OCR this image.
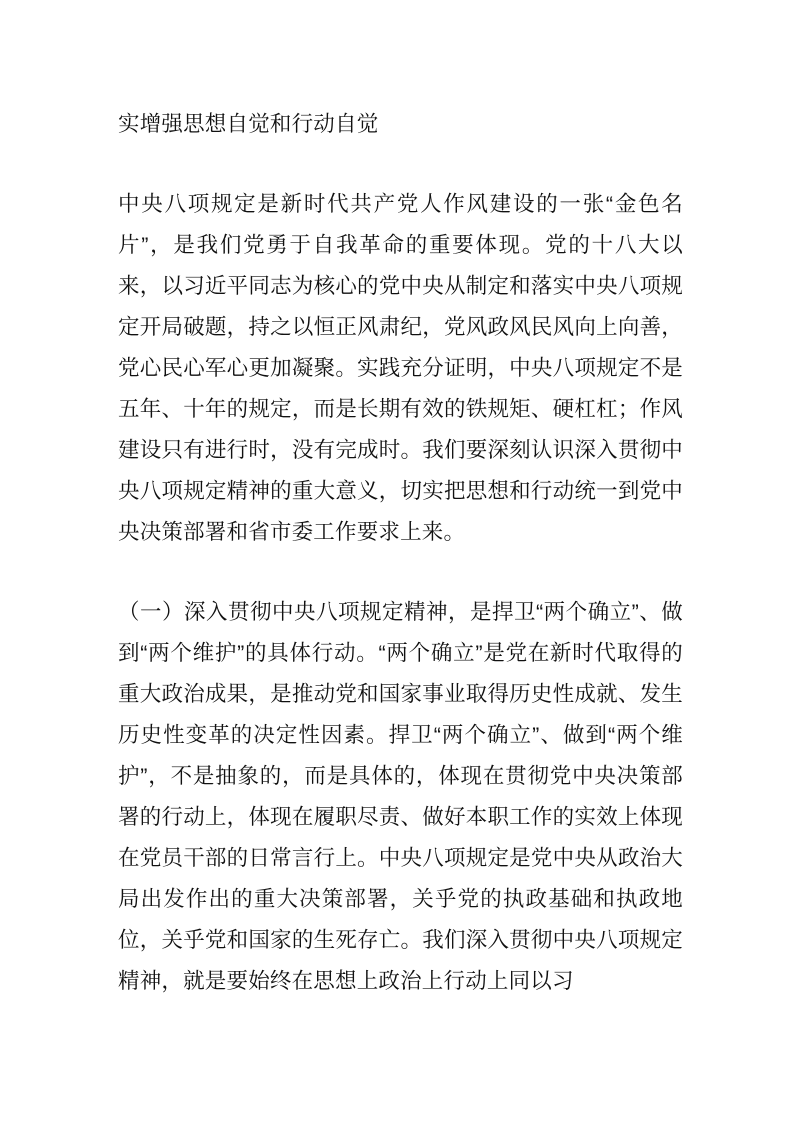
实增强思想自觉和行动自觉

中央八项规定是新时代共产党人作风建设的一张“金色名片”，是我们党勇于自我革命的重要体现。党的十八大以来，以习近平同志为核心的党中央从制定和落实中央八项规定开局破题，持之以恒正风肃纪，党风政风民风向上向善，党心民心军心更加凝聚。实践充分证明，中央八项规定不是五年、十年的规定，而是长期有效的铁规矩、硬杠杠；作风建设只有进行时，没有完成时。我们要深刻认识深入贯彻中央八项规定精神的重大意义，切实把思想和行动统一到党中央决策部署和省市委工作要求上来。

（一）深入贯彻中央八项规定精神，是捍卫“两个确立”、做到“两个维护”的具体行动。“两个确立”是党在新时代取得的重大政治成果，是推动党和国家事业取得历史性成就、发生历史性变革的决定性因素。捍卫“两个确立”、做到“两个维护”，不是抽象的，而是具体的，体现在贯彻党中央决策部署的行动上，体现在履职尽责、做好本职工作的实效上体现在党员干部的日常言行上。中央八项规定是党中央从政治大局出发作出的重大决策部署，关乎党的执政基础和执政地位，关乎党和国家的生死存亡。我们深入贯彻中央八项规定精神，就是要始终在思想上政治上行动上同以习
